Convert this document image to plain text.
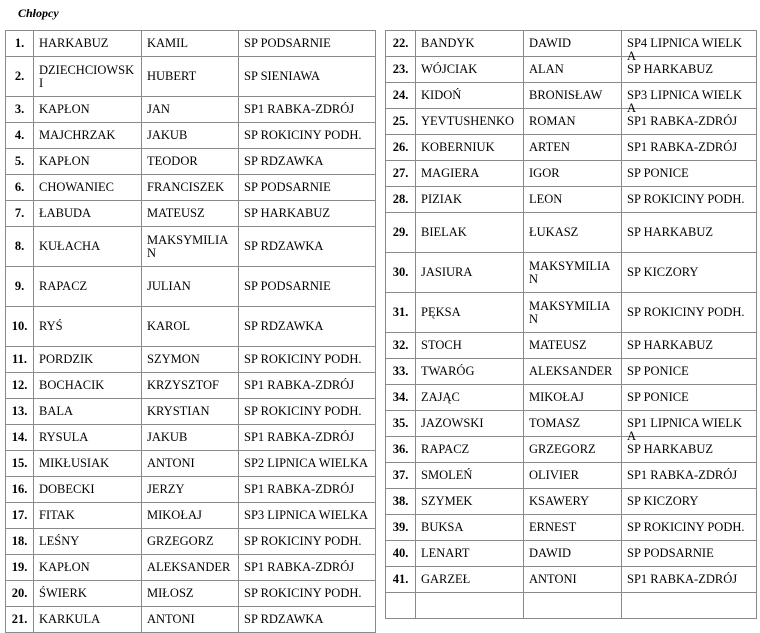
Chłopcy
1.	HARKABUZ	KAMIL	SP PODSARNIE
2.	DZIECHCIOWSKI	HUBERT	SP SIENIAWA
3.	KAPŁON	JAN	SP1 RABKA-ZDRÓJ
4.	MAJCHRZAK	JAKUB	SP ROKICINY PODH.
5.	KAPŁON	TEODOR	SP RDZAWKA
6.	CHOWANIEC	FRANCISZEK	SP PODSARNIE
7.	ŁABUDA	MATEUSZ	SP HARKABUZ
8.	KUŁACHA	MAKSYMILIAN	SP RDZAWKA
9.	RAPACZ	JULIAN	SP PODSARNIE
10.	RYŚ	KAROL	SP RDZAWKA
11.	PORDZIK	SZYMON	SP ROKICINY PODH.
12.	BOCHACIK	KRZYSZTOF	SP1 RABKA-ZDRÓJ
13.	BALA	KRYSTIAN	SP ROKICINY PODH.
14.	RYSULA	JAKUB	SP1 RABKA-ZDRÓJ
15.	MIKŁUSIAK	ANTONI	SP2 LIPNICA WIELKA

16.	DOBECKI	JERZY	SP1 RABKA-ZDRÓJ
17.	FITAK	MIKOŁAJ	SP3 LIPNICA WIELKA

18.	LEŚNY	GRZEGORZ	SP ROKICINY PODH.
19.	KAPŁON	ALEKSANDER	SP1 RABKA-ZDRÓJ
20.	ŚWIERK	MIŁOSZ	SP ROKICINY PODH.
21.	KARKULA	ANTONI	SP RDZAWKA
22.	BANDYK	DAWID	SP4 LIPNICA WIELKA

23.	WÓJCIAK	ALAN	SP HARKABUZ
24.	KIDOŃ	BRONISŁAW	SP3 LIPNICA WIELKA

25.	YEVTUSHENKO	ROMAN	SP1 RABKA-ZDRÓJ
26.	KOBERNIUK	ARTEN	SP1 RABKA-ZDRÓJ
27.	MAGIERA	IGOR	SP PONICE
28.	PIZIAK	LEON	SP ROKICINY PODH.
29.	BIELAK	ŁUKASZ	SP HARKABUZ
30.	JASIURA	MAKSYMILIAN	SP KICZORY
31.	PĘKSA	MAKSYMILIAN	SP ROKICINY PODH.
32.	STOCH	MATEUSZ	SP HARKABUZ
33.	TWARÓG	ALEKSANDER	SP PONICE
34.	ZAJĄC	MIKOŁAJ	SP PONICE
35.	JAZOWSKI	TOMASZ	SP1 LIPNICA WIELKA

36.	RAPACZ	GRZEGORZ	SP HARKABUZ
37.	SMOLEŃ	OLIVIER	SP1 RABKA-ZDRÓJ
38.	SZYMEK	KSAWERY	SP KICZORY
39.	BUKSA	ERNEST	SP ROKICINY PODH.
40.	LENART	DAWID	SP PODSARNIE
41.	GARZEŁ	ANTONI	SP1 RABKA-ZDRÓJ
